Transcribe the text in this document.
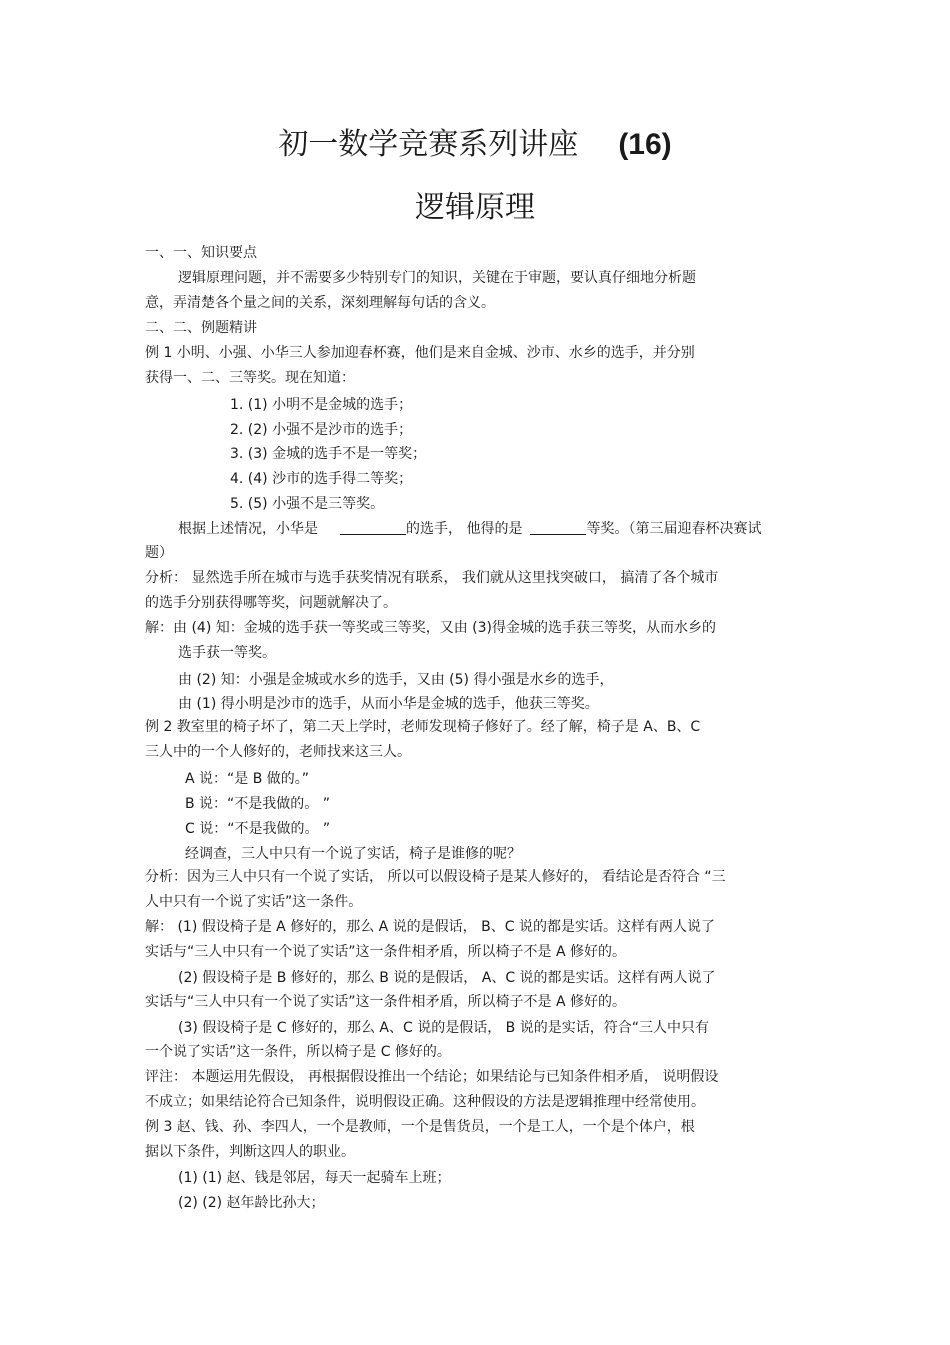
初一数学竞赛系列讲座 (16)
逻辑原理
一、一、知识要点
逻辑原理问题，并不需要多少特别专门的知识，关键在于审题，要认真仔细地分析题
意，弄清楚各个量之间的关系，深刻理解每句话的含义。
二、二、例题精讲
例 1 小明、小强、小华三人参加迎春杯赛，他们是来自金城、沙市、水乡的选手，并分别
获得一、二、三等奖。现在知道：
1. (1) 小明不是金城的选手；
2. (2) 小强不是沙市的选手；
3. (3) 金城的选手不是一等奖；
4. (4) 沙市的选手得二等奖；
5. (5) 小强不是三等奖。
根据上述情况，小华是	的选手， 他得的是	等奖。（第三届迎春杯决赛试
题）
分析： 显然选手所在城市与选手获奖情况有联系， 我们就从这里找突破口， 搞清了各个城市
的选手分别获得哪等奖，问题就解决了。
解：由 (4) 知：金城的选手获一等奖或三等奖，又由 (3)得金城的选手获三等奖，从而水乡的
选手获一等奖。
由 (2) 知：小强是金城或水乡的选手，又由 (5) 得小强是水乡的选手，
由 (1) 得小明是沙市的选手，从而小华是金城的选手，他获三等奖。
例 2 教室里的椅子坏了，第二天上学时，老师发现椅子修好了。经了解，椅子是 A、B、C
三人中的一个人修好的，老师找来这三人。
A 说：“是 B 做的。”
B 说：“不是我做的。 ”
C 说：“不是我做的。 ”
经调查，三人中只有一个说了实话，椅子是谁修的呢？
分析：因为三人中只有一个说了实话， 所以可以假设椅子是某人修好的， 看结论是否符合 “三
人中只有一个说了实话”这一条件。
解： (1) 假设椅子是 A 修好的，那么 A 说的是假话， B、C 说的都是实话。这样有两人说了
实话与“三人中只有一个说了实话”这一条件相矛盾，所以椅子不是 A 修好的。
(2) 假设椅子是 B 修好的，那么 B 说的是假话， A、C 说的都是实话。这样有两人说了
实话与“三人中只有一个说了实话”这一条件相矛盾，所以椅子不是 A 修好的。
(3) 假设椅子是 C 修好的，那么 A、C 说的是假话， B 说的是实话，符合“三人中只有
一个说了实话”这一条件，所以椅子是 C 修好的。
评注： 本题运用先假设， 再根据假设推出一个结论；如果结论与已知条件相矛盾， 说明假设
不成立；如果结论符合已知条件，说明假设正确。这种假设的方法是逻辑推理中经常使用。
例 3 赵、钱、孙、李四人，一个是教师，一个是售货员，一个是工人，一个是个体户，根
据以下条件，判断这四人的职业。
(1) (1) 赵、钱是邻居，每天一起骑车上班；
(2) (2) 赵年龄比孙大；
